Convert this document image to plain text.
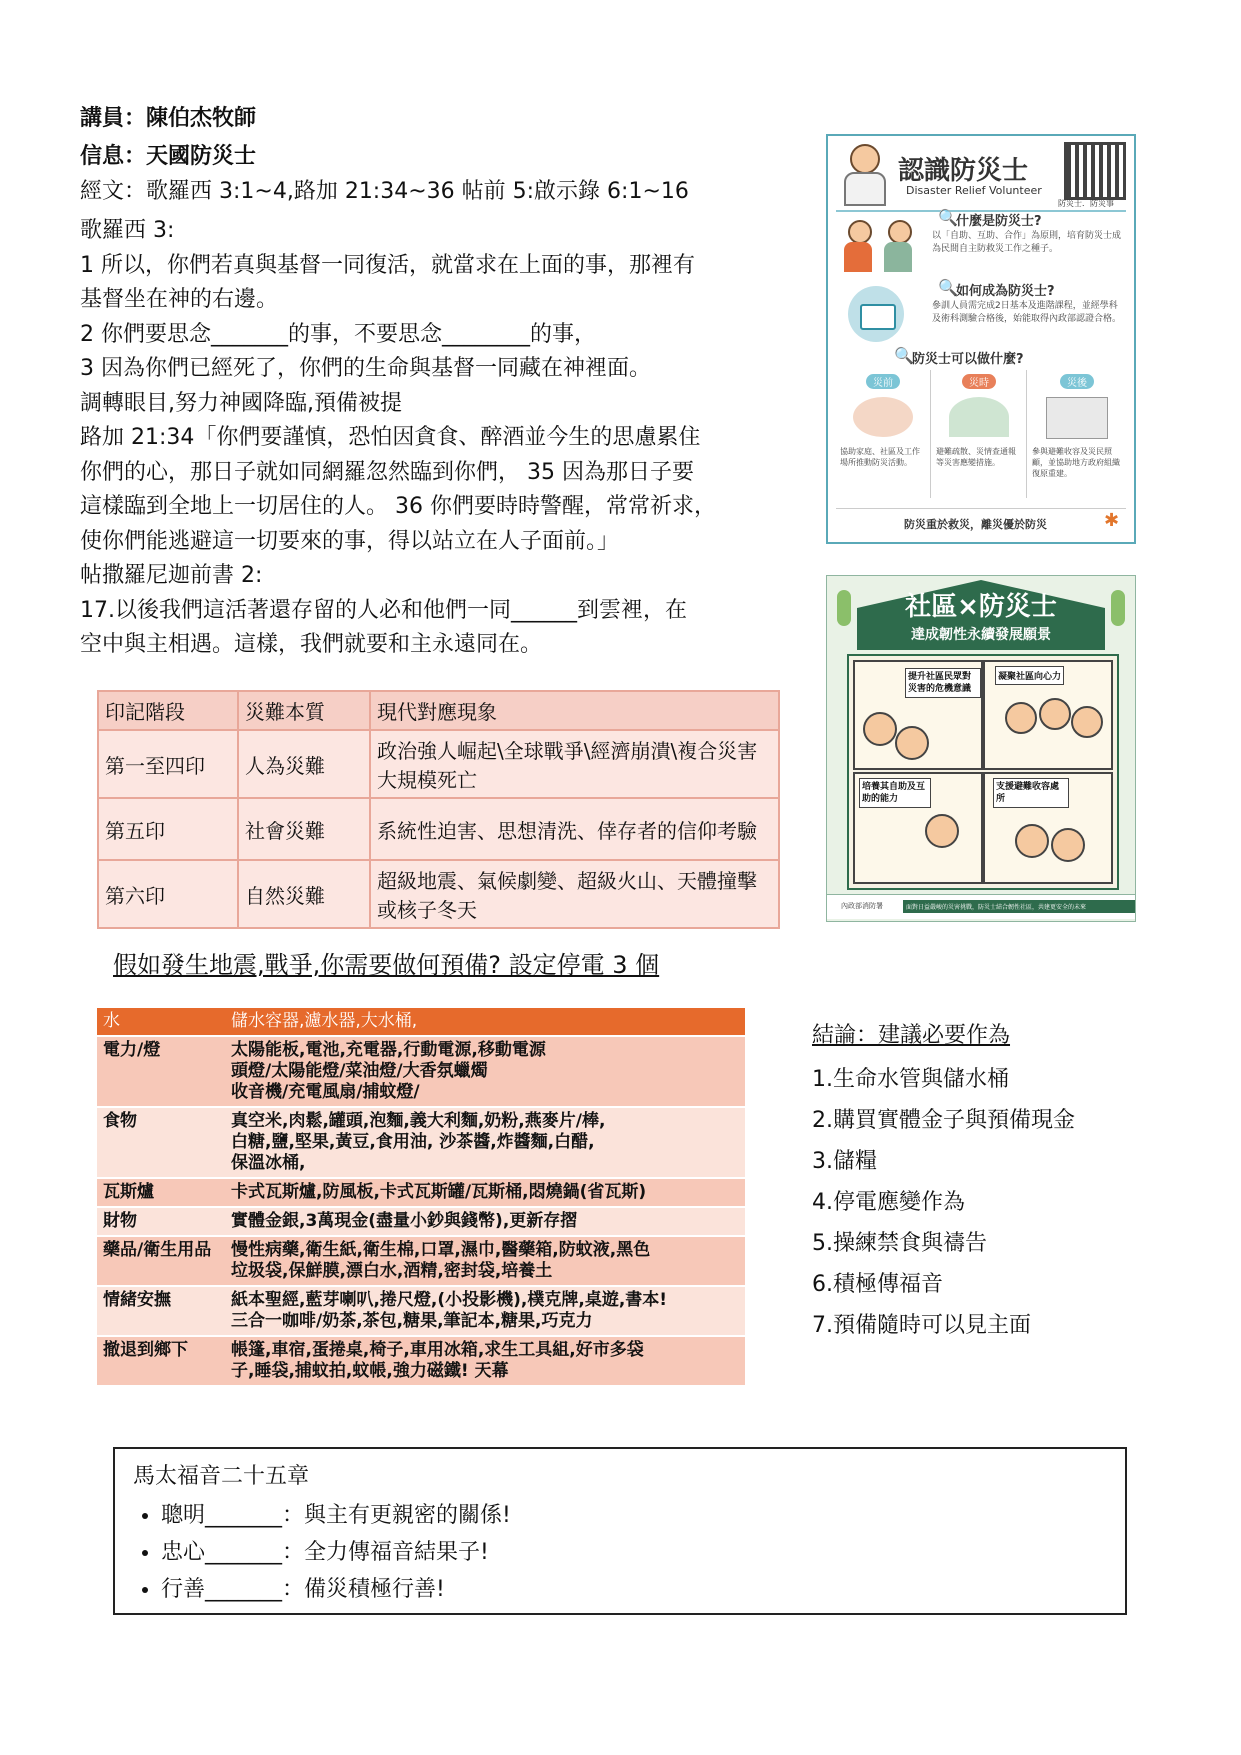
講員：陳伯杰牧師
信息：天國防災士
經文：歌羅西 3:1~4,路加 21:34~36 帖前 5:啟示錄 6:1~16
歌羅西 3:
1 所以，你們若真與基督一同復活，就當求在上面的事，那裡有
基督坐在神的右邊。
2 你們要思念_______的事，不要思念________的事，
3 因為你們已經死了，你們的生命與基督一同藏在神裡面。
調轉眼目,努力神國降臨,預備被提
路加 21:34「你們要謹慎，恐怕因貪食、醉酒並今生的思慮累住
你們的心，那日子就如同網羅忽然臨到你們， 35 因為那日子要
這樣臨到全地上一切居住的人。 36 你們要時時警醒，常常祈求，
使你們能逃避這一切要來的事，得以站立在人子面前。」
帖撒羅尼迦前書 2:
17.以後我們這活著還存留的人必和他們一同______到雲裡，在
空中與主相遇。這樣，我們就要和主永遠同在。
印記階段	災難本質	現代對應現象
第一至四印	人為災難	政治強人崛起\全球戰爭\經濟崩潰\複合災害大規模死亡
第五印	社會災難	系統性迫害、思想清洗、倖存者的信仰考驗
第六印	自然災難	超級地震、氣候劇變、超級火山、天體撞擊或核子冬天
假如發生地震,戰爭,你需要做何預備? 設定停電 3 個
水	儲水容器,濾水器,大水桶,

電力/燈	太陽能板,電池,充電器,行動電源,移動電源
頭燈/太陽能燈/菜油燈/大香氛蠟燭
收音機/充電風扇/捕蚊燈/

食物	真空米,肉鬆,罐頭,泡麵,義大利麵,奶粉,燕麥片/棒,
白糖,鹽,堅果,黃豆,食用油, 沙茶醬,炸醬麵,白醋,
保溫冰桶,

瓦斯爐	卡式瓦斯爐,防風板,卡式瓦斯罐/瓦斯桶,悶燒鍋(省瓦斯)

財物	實體金銀,3萬現金(盡量小鈔與錢幣),更新存摺

藥品/衛生用品	慢性病藥,衛生紙,衛生棉,口罩,濕巾,醫藥箱,防蚊液,黑色
垃圾袋,保鮮膜,漂白水,酒精,密封袋,培養土

情緒安撫	紙本聖經,藍芽喇叭,捲尺燈,(小投影機),樸克牌,桌遊,書本!
三合一咖啡/奶茶,茶包,糖果,筆記本,糖果,巧克力

撤退到鄉下	帳篷,車宿,蛋捲桌,椅子,車用冰箱,求生工具組,好市多袋
子,睡袋,捕蚊拍,蚊帳,強力磁鐵! 天幕
結論：建議必要作為
1.生命水管與儲水桶
2.購買實體金子與預備現金
3.儲糧
4.停電應變作為
5.操練禁食與禱告
6.積極傳福音
7.預備隨時可以見主面
馬太福音二十五章
• 聰明_______：與主有更親密的關係!
• 忠心_______：全力傳福音結果子!
• 行善_______：備災積極行善!
認識防災士
Disaster Relief Volunteer
防災士．防災事
🔍
什麼是防災士?
以「自助、互助、合作」為原則，培育防災士成為民間自主防救災工作之種子。
🔍
如何成為防災士?
參訓人員需完成2日基本及進階課程，並經學科及術科測驗合格後，始能取得內政部認證合格。
🔍
防災士可以做什麼?
災前
協助家庭、社區及工作場所推動防災活動。
災時
避難疏散、災情查通報等災害應變措施。
災後
參與避難收容及災民照顧，並協助地方政府組織復原重建。
防災重於救災，離災優於防災	✱
社區×防災士
達成韌性永續發展願景
提升社區民眾對災害的危機意識
凝聚社區向心力
培養其自助及互助的能力
支援避難收容處所
內政部消防署	面對日益嚴峻的災害挑戰，防災士結合韌性社區，共建更安全的未來
